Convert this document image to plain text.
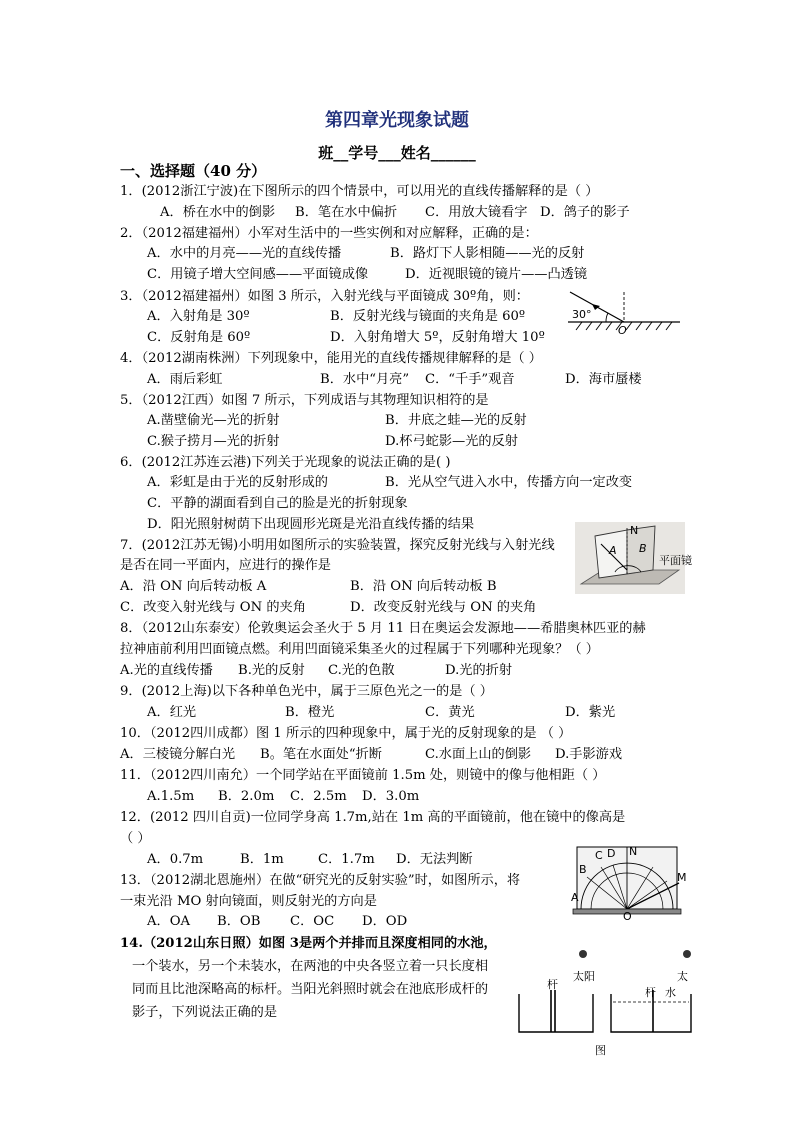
第四章光现象试题
班__学号___姓名______
一、选择题（40 分）
1．(2012浙江宁波)在下图所示的四个情景中，可以用光的直线传播解释的是（ ）
A．桥在水中的倒影 B．笔在水中偏折 C．用放大镜看字 D．鸽子的影子
2．（2012福建福州）小军对生活中的一些实例和对应解释，正确的是：
A．水中的月亮——光的直线传播	B．路灯下人影相随——光的反射
C．用镜子增大空间感——平面镜成像	D．近视眼镜的镜片——凸透镜
3．（2012福建福州）如图 3 所示，入射光线与平面镜成 30º角，则：
A．入射角是 30º	B．反射光线与镜面的夹角是 60º
C．反射角是 60º	D．入射角增大 5º，反射角增大 10º
30°
O
4．（2012湖南株洲）下列现象中，能用光的直线传播规律解释的是（ ）
A．雨后彩虹	B．水中“月亮” C．“千手”观音	D．海市蜃楼
5．（2012江西）如图 7 所示，下列成语与其物理知识相符的是
A.凿壁偷光—光的折射	B．井底之蛙—光的反射
C.猴子捞月—光的折射	D.杯弓蛇影—光的反射
6．(2012江苏连云港)下列关于光现象的说法正确的是( )
A．彩虹是由于光的反射形成的	B．光从空气进入水中，传播方向一定改变
C．平静的湖面看到自己的脸是光的折射现象
D．阳光照射树荫下出现圆形光斑是光沿直线传播的结果
7．(2012江苏无锡)小明用如图所示的实验装置，探究反射光线与入射光线
是否在同一平面内，应进行的操作是
A．沿 ON 向后转动板 A	B．沿 ON 向后转动板 B
C．改变入射光线与 ON 的夹角	D．改变反射光线与 ON 的夹角
N
A B
平面镜
8．（2012山东泰安）伦敦奥运会圣火于 5 月 11 日在奥运会发源地——希腊奥林匹亚的赫
拉神庙前利用凹面镜点燃。利用凹面镜采集圣火的过程属于下列哪种光现象？（ ）
A.光的直线传播 B.光的反射 C.光的色散	D.光的折射
9．(2012上海)以下各种单色光中，属于三原色光之一的是（ ）
A．红光	B．橙光	C．黄光	D．紫光
10．（2012四川成都）图 1 所示的四种现象中，属于光的反射现象的是 （ ）
A．三棱镜分解白光 B。笔在水面处“折断	C.水面上山的倒影 D.手影游戏
11．（2012四川南允）一个同学站在平面镜前 1.5m 处，则镜中的像与他相距（ ）
A.1.5m B．2.0m C．2.5m D．3.0m
12．(2012 四川自贡)一位同学身高 1.7m,站在 1m 高的平面镜前，他在镜中的像高是
（ ）
A．0.7m	B．1m	C．1.7m D．无法判断
13．（2012湖北恩施州）在做“研究光的反射实验”时，如图所示，将
一束光沿 MO 射向镜面，则反射光的方向是
A．OA B．OB C．OC D．OD
N
A
B
C D
M
O
14.（2012山东日照）如图 3是两个并排而且深度相同的水池，
一个装水，另一个未装水，在两池的中央各竖立着一只长度相
同而且比池深略高的标杆。当阳光斜照时就会在池底形成杆的
影子，下列说法正确的是
太阳	太
杆
杆 水
图
